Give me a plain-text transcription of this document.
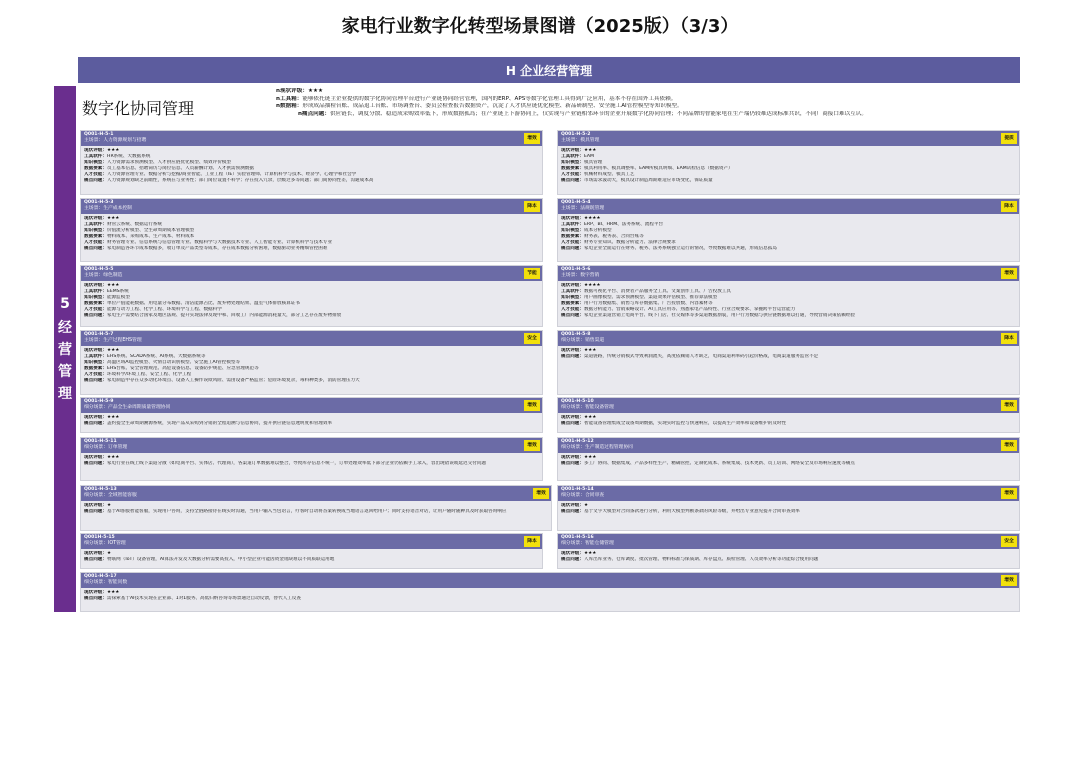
家电行业数字化转型场景图谱（2025版）（3/3）
H 企业经营管理
5
经
营
管
理
数字化协同管理
n现状评级：★★★
n工具箱：能够依托链主企业提供的数字化协同管理平台进行产业链协同经营管理，国内的ERP、APS等数字化管理工具得到广泛应用，基本不存在国外工具依赖。
n数据箱：形成成品抽检台账、成品退工台账、市场调查台、委员会检查报告数据资产，沉淀了人才供应链优化模型、新品研制型、安全施工AI管控模型等知识模型。
n痛点问题：供应链长，调度分散、稳造成采购效率低下，形成数据孤岛；在产业链上下游协同上，仅实现与产业链相邻环节的企业开展数字化协同管理；不同品牌的智能家电在生产端仍较难达成标准共识，不同厂商接口难以互认。
Q001-H-5-1
主场景：人力资源规划与招聘	增效
现状评级：★★★
工具软件：HR系统、大数据系统
知识模型：人力资源需求预测模型、人才供应链优化模型、绩效评价模型
数据要素：员工基本信息、招聘简历与岗位信息、人员薪酬计划、人才供需预测数据
人才技能：人力资源管理专业、数据分析与挖掘/商业智能、工业工程（IE）实验管理师、计算机科学与技术、经济学、心理学和社会学
痛点问题：人力资源规划缺乏前瞻性，系统在与业务性；部门岗位设置不科学；存在投入冗余，层级过多等问题；部门间协同性差，沟通成本高
Q001-H-5-2
主场景：模具管理	提质
现状评级：★★★
工具软件：EAM
知识模型：模具管理
数据要素：模具利用率、模具调整率、EAM所模具明细、EAM试检信息（数据资产）
人才技能：机械材料成型、模具工艺
痛点问题：市场需求波动大，模具设计制造周期难适应市场变化，保证质量
Q001-H-5-3
主场景：生产成本控制	降本
现状评级：★★★
工具软件：财管云系统、数据运行系统
知识模型：价值流分析模型、全生命周期成本管理模型
数据要素：物料成本、采购成本、生产成本、材料成本
人才技能：财务管理专业、信息系统与信息管理专业、数据科学与大数据技术专业、人工智能专业、计算机科学与技术专业
痛点问题：家电制造各环节成本数据多，收订单及产品类型等成本，存在成本数据分析困难，数据驱动业务精细管控困难
Q001-H-5-4
主场景：法规既管理	降本
现状评级：★★★★
工具软件：ERP、BI、HRM、法务系统、流程平台
知识模型：成本分析模型
数据要素：财务表、税务表、合同台账等
人才技能：财务专业知识、数据分析能力、法律合规要求
痛点问题：家电企业全面运行在财务、税务、法务系统独立运行的情况，导致数据难以共通，形成信息孤岛
Q001-H-5-5
主场景：绿色制造	节能
现状评级：★★★
工具软件：EEMS系统
知识模型：能源监模型
数据要素：单位产值能耗数据、用电量分布数据、清洁能源占比、废弃物处理结果、温室气体排放核算证书
人才技能：能源与动力工程、化学工程、环境科学与工程、数据科学
痛点问题：家电生产需要结合国家及地区法规、提升实现法律及现中和、回收工厂内部能源消耗量大，部分工艺存在废弃物排放
Q001-H-5-6
主场景：数字营销	增效
现状评级：★★★★
工具软件：数据可视化平台、消费者产品服务全工具、文案创作工具、广告投放工具
知识模型：用户画像模型、需求预测模型、渠道效果评估模型、推荐算法模型
数据要素：用户行为数据集、销售与库存数据集、广告投放数、内容素材等
人才技能：数据分析能力、营销策略设计、AI工具应用等、熟悉家电产品特性、行业合规要求、掌握跨平台运营能力
痛点问题：家电企业渠道营销上电商平台、线下门店、社交媒体等多渠道数据割裂，用户行为数据与供应链数据难以打通，导致营销决策依赖经验
Q001-H-5-7
主场景：生产过程EHS管理	安全
现状评级：★★★
工具软件：EHS系统、SCADA系统、AI系统、大数据系统等
知识模型：高温区域AI监控模型、火情自动识别模型、安全施工AI管控模型等
数据要素：EHS台账、安全管理规范、高危设备信息、设备防护规范、应急管理规范等
人才技能：环境科学/环境工程、安全工程、化学工程
痛点问题：家电制造中存在众多动化环境点、设备人工操作误欺风险、需由设备严格监管；危险环境复杂，毒料种类多，消防管理压力大
Q001-H-5-8
细分场景：销售渠道	降本
现状评级：★★★
痛点问题：渠道链路，传统分销模式导致利润流失，高度依赖销人才缺乏，电商渠道利率码引起价格战，电商渠道服务监管不足
Q001-H-5-9
细分场景：产品全生命周期质量管理协同	增效
现状评级：★★★
痛点问题：盖约提全生命周期溯源系统，实现产品从采购到分销的全程追溯与信息协同，提升供应链信息透明度和管理效率
Q001-H-5-10
细分场景：智能设备管理	增效
现状评级：★★★
痛点问题：智能设备管理集成全设备周期数据，实现实时监控与快速响应，以提高生产效率和设备维护的及时性
Q001-H-5-11
细分场景：订单管理	增效
现状评级：★★★
痛点问题：家电行业在线上线下渠道分散（如电商平台、实体店、代理商），各渠道订单数据难以整合，导致库存信息不统一，订单处理效率低下部分企业仍依赖手工录入，容出现错误或延迟交付问题
Q001-H-5-12
细分场景：生产制造过程管理协同	增效
现状评级：★★★
痛点问题：多工厂协同、数据集成、产品多样性生产、精确管控、定制化成本、系统集成、技术更新、员工培训、网络安全及市场响应速度等痛点
Q001-H-5-13
细分场景：全域智能客服	增效
现状评级：★
痛点问题：基于AI客服智能客服，实现用户咨询，支持全链路接待在线实时沟通，当用户输入当包语言，疗客时自动将答案转换成当地语言返回给用户；同时支持语音对话，让用户随时随种具及时获取咨询响应
Q001-H-5-14
细分场景：合同审查	增效
现状评级：★
痛点问题：基于文字大模型对合同条款进行分析，利用大模型判断条款的风险等级，并给出专业意见提升合同审查效率
Q001H-5-15
细分场景：IOT管理	降本
现状评级：★
痛点问题：物联网（IoT）设备管理，AI算法开发及大数据分析需要高投入，中小型企业可能因资金短缺难以不同质联运用地
Q001-H-5-16
细分场景：智能仓储管理	安全
现状评级：★★★
痛点问题：人库出库业务、仓库调度、批次管理、物料标准与保质期、库存盘点、质检管理、人员效率分析等功能综合使用问题
Q001-H-5-17
细分场景：智能问数	增效
现状评级：★★★
痛点问题：需探索基于AI技术实现在企业部、1对1服务、高低归纳咨询等场景通过自动反馈，替代人工反查
